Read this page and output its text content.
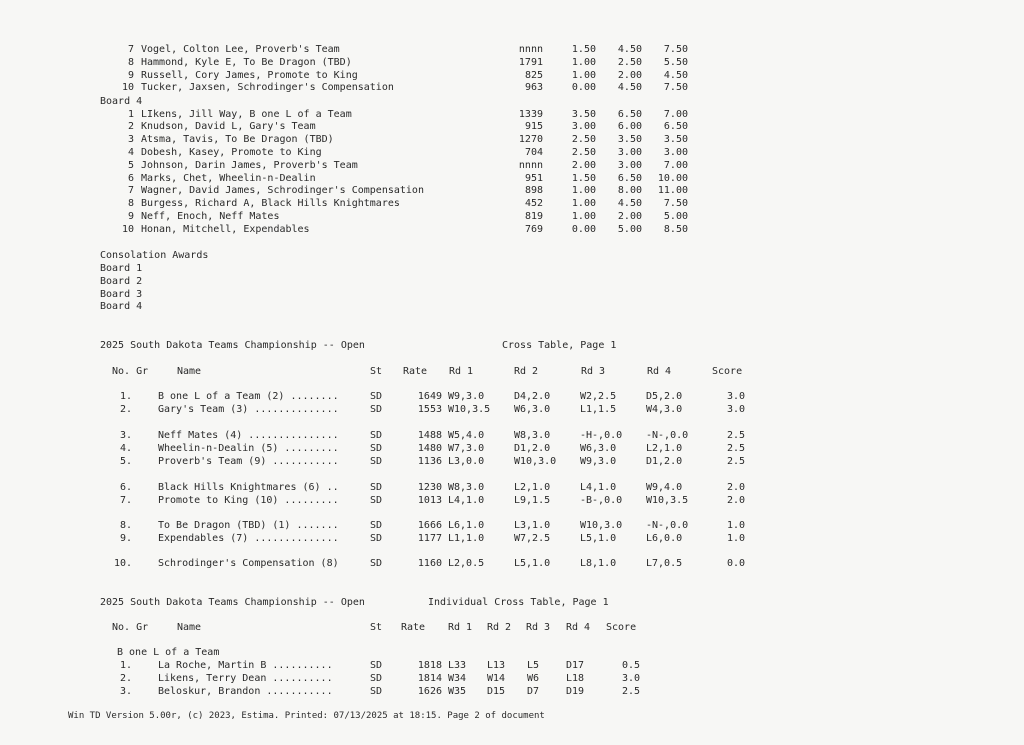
7 Vogel, Colton Lee, Proverb's Team	nnnn	1.50	4.50	7.50
8 Hammond, Kyle E, To Be Dragon (TBD)	1791	1.00	2.50	5.50
9 Russell, Cory James, Promote to King	825	1.00	2.00	4.50
10 Tucker, Jaxsen, Schrodinger's Compensation	963	0.00	4.50	7.50
Board 4
1 LIkens, Jill Way, B one L of a Team	1339	3.50	6.50	7.00
2 Knudson, David L, Gary's Team	915	3.00	6.00	6.50
3 Atsma, Tavis, To Be Dragon (TBD)	1270	2.50	3.50	3.50
4 Dobesh, Kasey, Promote to King	704	2.50	3.00	3.00
5 Johnson, Darin James, Proverb's Team	nnnn	2.00	3.00	7.00
6 Marks, Chet, Wheelin-n-Dealin	951	1.50	6.50	10.00
7 Wagner, David James, Schrodinger's Compensation	898	1.00	8.00	11.00
8 Burgess, Richard A, Black Hills Knightmares	452	1.00	4.50	7.50
9 Neff, Enoch, Neff Mates	819	1.00	2.00	5.00
10 Honan, Mitchell, Expendables	769	0.00	5.00	8.50
Consolation Awards
Board 1
Board 2
Board 3
Board 4
2025 South Dakota Teams Championship -- Open	Cross Table, Page 1
No. Gr	Name	St Rate Rd 1	Rd 2	Rd 3	Rd 4	Score
1.	B one L of a Team (2) ........	SD	1649 W9,3.0	D4,2.0	W2,2.5	D5,2.0	3.0
2.	Gary's Team (3) ..............	SD	1553 W10,3.5 W6,3.0	L1,1.5	W4,3.0	3.0
3.	Neff Mates (4) ...............	SD	1488 W5,4.0	W8,3.0	-H-,0.0 -N-,0.0	2.5
4.	Wheelin-n-Dealin (5) .........	SD	1480 W7,3.0	D1,2.0	W6,3.0	L2,1.0	2.5
5.	Proverb's Team (9) ...........	SD	1136 L3,0.0	W10,3.0 W9,3.0	D1,2.0	2.5
6.	Black Hills Knightmares (6) ..	SD	1230 W8,3.0	L2,1.0	L4,1.0	W9,4.0	2.0
7.	Promote to King (10) .........	SD	1013 L4,1.0	L9,1.5	-B-,0.0 W10,3.5	2.0
8.	To Be Dragon (TBD) (1) .......	SD	1666 L6,1.0	L3,1.0	W10,3.0 -N-,0.0	1.0
9.	Expendables (7) ..............	SD	1177 L1,1.0	W7,2.5	L5,1.0	L6,0.0	1.0
10.	Schrodinger's Compensation (8)	SD	1160 L2,0.5	L5,1.0	L8,1.0	L7,0.5	0.0
2025 South Dakota Teams Championship -- Open	Individual Cross Table, Page 1
No. Gr	Name	St Rate Rd 1 Rd 2 Rd 3 Rd 4 Score
B one L of a Team
1.	La Roche, Martin B ..........	SD	1818 L33 L13 L5	D17	0.5
2.	Likens, Terry Dean ..........	SD	1814 W34 W14 W6	L18	3.0
3.	Beloskur, Brandon ...........	SD	1626 W35 D15 D7	D19	2.5
Win TD Version 5.00r, (c) 2023, Estima. Printed: 07/13/2025 at 18:15. Page 2 of document
